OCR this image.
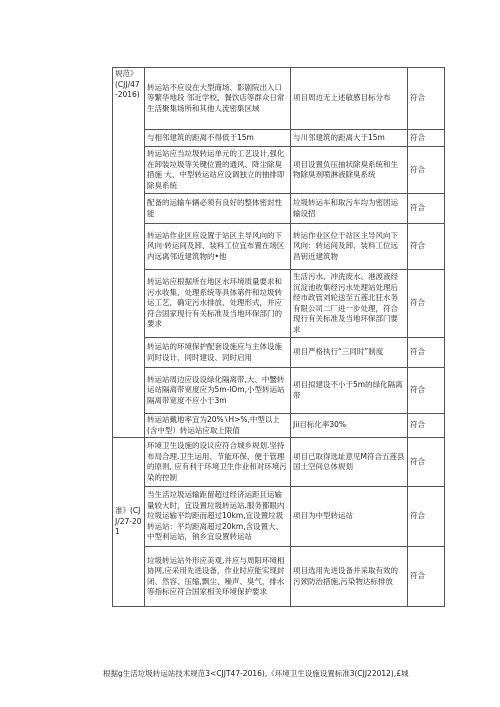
规范》(CJJ/47-2016)	转运站不应设在大型商场、影剧院出入口等繁华地段 邻近学校、餐饮店等群众日常生活聚集场所和其他人流密集区域	项目周边无上述敏感目标分布	符合
	与相邻建筑的距离不得低于15m	与川邻建筑的距离大于15m	符合
	转运站应当垃圾转运单元的工艺设计,强化在卸装垃圾等关键位置的通风、降尘除臭措施 大、中型转运站应设调独立的抽排即除臭系统	项目设置负压抽状除臭系统和生物除臭剂喷淋液除臭系统	符合
	配备的运输车辆必须有良好的整体密封性能	垃圾转运车和取污车均为密团运输设招	符合
	转运站作业区应设置于站区主导风向的下风向·转运间及卸、装料工位宜布置在场区内远离邻近建筑物的•他	转运作业区位于站区主导风向下风向：转运间及卸、装料工位远昌钥近建筑物	符合
	转运站应根据所在地区水环境质量要求和污水收集、处理系统等具体第件和垃圾转运工艺，确定污水排放、处理形式，并应符合国家现行有关标准及当地环保部门的要求	生活污水、冲洗废水、港渡液经沉淀池收集经污水处理站处理后经市政管刘轮送至五莲北狂水务有限公司二厂进一步处理，符合现行有关标准及当地环保部门要求	符合
	转运站的环境保护配套设施应与主体设施同时设计、同时建设、同时启用	项目严格执行“三同时”制度	符合
	转运站周边应设设绿化隔离带,大、中蟹转运站隔离带宽度应为5m-lOm,小型转运站隔离带宽度不应小于3m	项目拟建设不小于5m的绿化隔离带	符合
	转运站戴地率宜为20%∖H>%,中型以上(含中型）转运站应取上限值	Jii目标化率30%	符合
准》(CJJ/27-201	环境卫生设施的设议应符合城乡规划.坚持布局合理.卫生运用、节能环保、便于管理的原则, 应有利于环境卫生作业和对环境污染的控制	项目已取得选址意见M符合五莲县国土空间总体规划	符合
	当生活垃圾运输距留超过经济运距且运输量较大时，宜设置垃圾转运站.服务都眼内垃圾运输平均距而超过10km,宜设置垃圾转运站：平均距离超过20km,含设置大、中型利运站，钠乡宜设置转运站	项目为中型转运站	符合
	垃圾转运站外形应美观,并应与周阳环境相协网,应采用先进设备，作业时应能实现封闭、然容、压缩,飘尘、噪声、臭气，排水等指标应符合国家相关环境保护要求	项目选用先进设备并采取有效的污颈防治措施,污染物达标排放	符合
根据g生活垃圾转运站技术规范3<CJJT47-2016),《环境卫生设施设置标准3(CJJ22012),£城
